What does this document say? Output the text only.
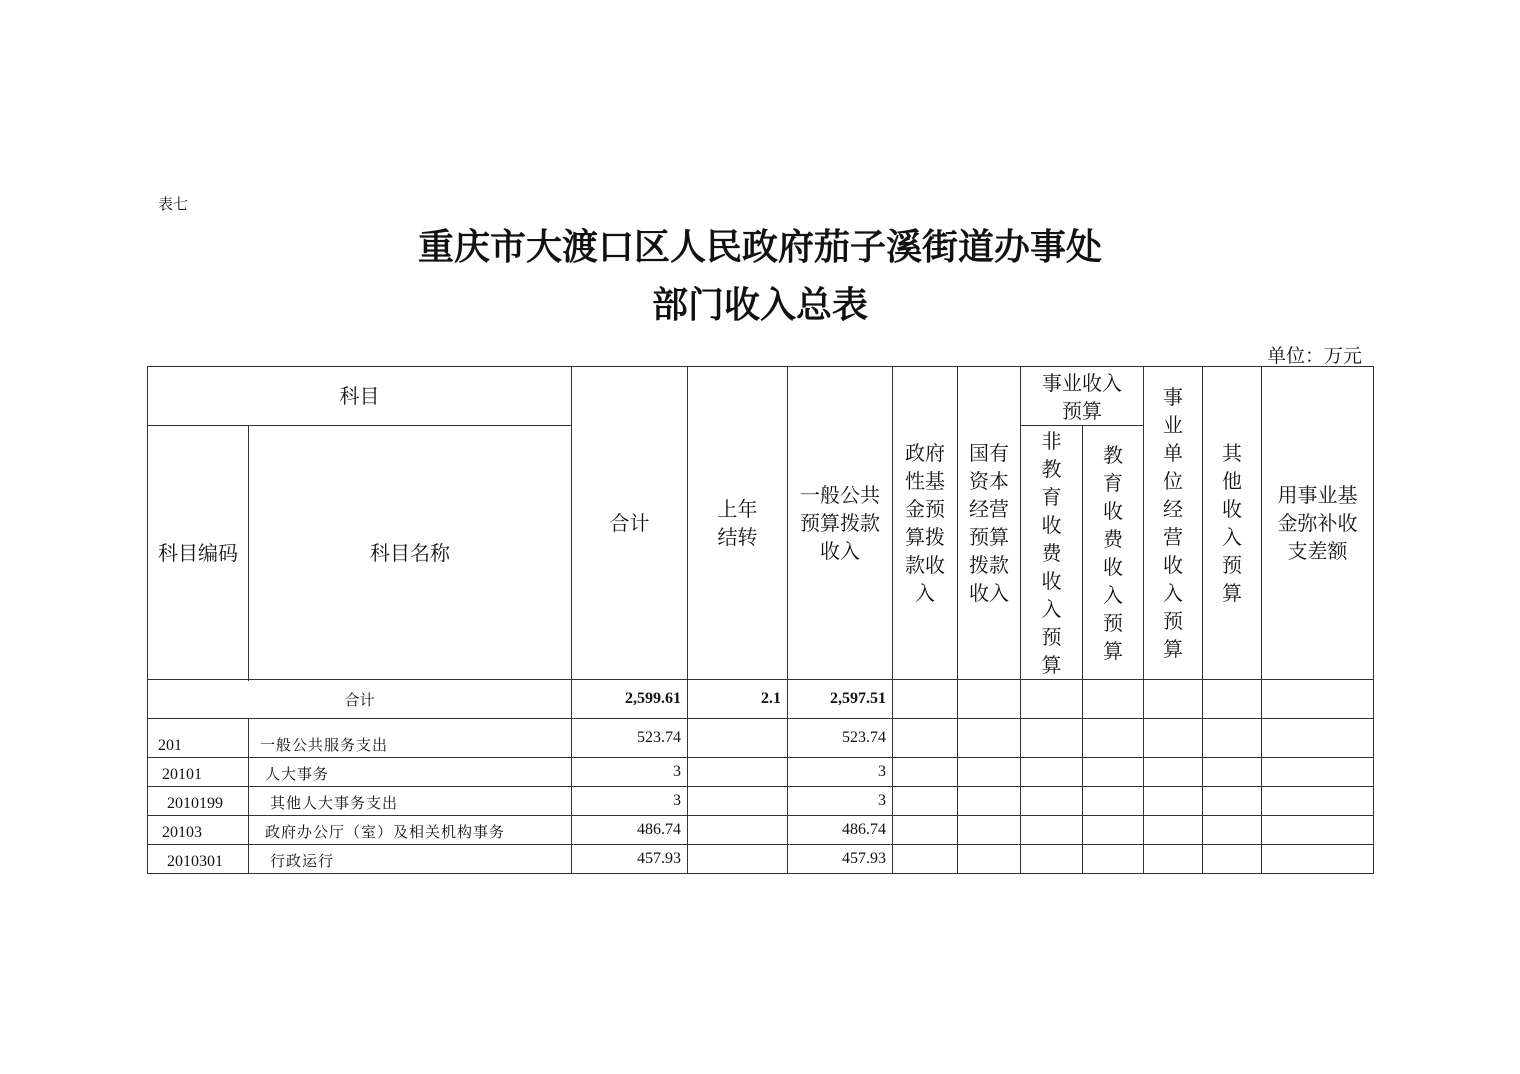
表七
重庆市大渡口区人民政府茄子溪街道办事处
部门收入总表
单位：万元
科目		合计	上年结转	一般公共预算拨款收入	政府性基金预算拨款收入	国有资本经营预算拨款收入	事业收入预算		事业单位经营收入预算	其他收入预算	用事业基金弥补收支差额
科目编码	科目名称						非教育收费收入预算	教育收费收入预算			

合计		2,599.61	2.1	2,597.51							
201	一般公共服务支出	523.74		523.74							
20101	人大事务	3		3							
2010199	其他人大事务支出	3		3							
20103	政府办公厅（室）及相关机构事务	486.74		486.74							
2010301	行政运行	457.93		457.93							
